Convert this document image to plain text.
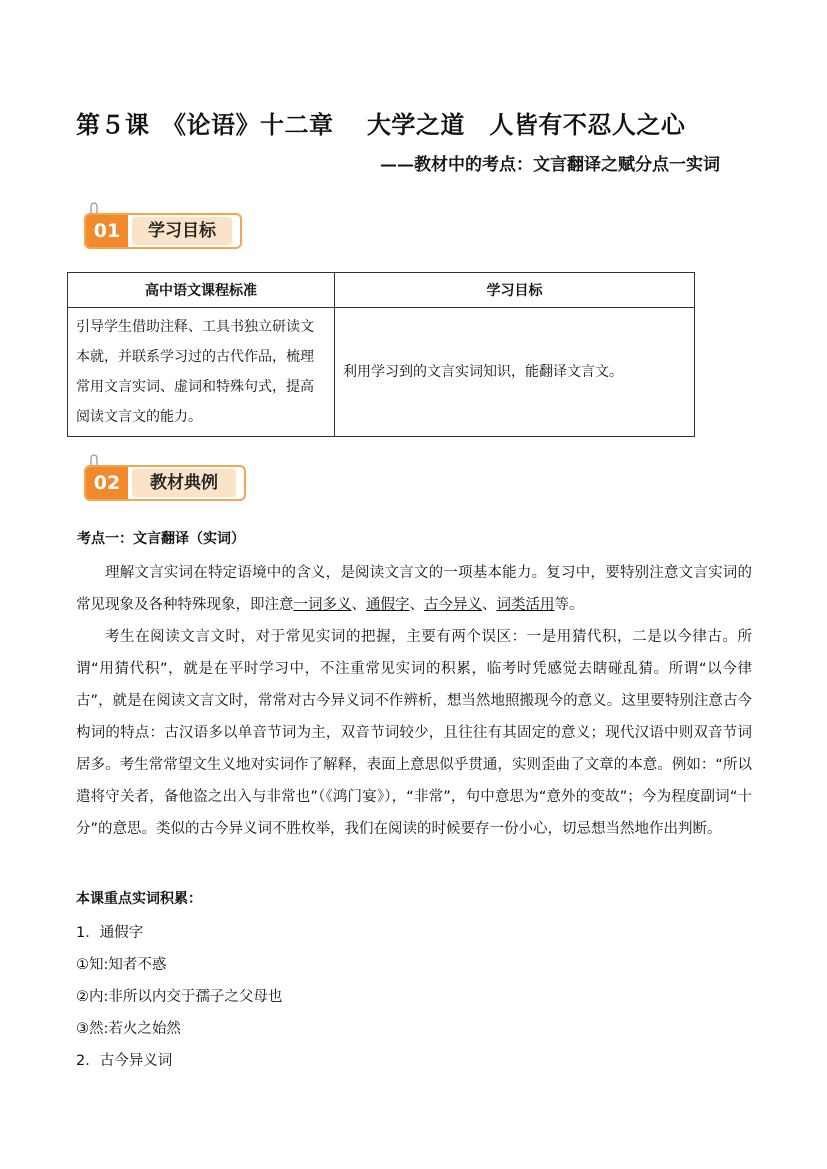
第５课　《论语》十二章　 大学之道　人皆有不忍人之心
——教材中的考点：文言翻译之赋分点一实词
01	学习目标
高中语文课程标准	学习目标
引导学生借助注释、工具书独立研读文本就，并联系学习过的古代作品，梳理常用文言实词、虚词和特殊句式，提高阅读文言文的能力。	利用学习到的文言实词知识，能翻译文言文。
02	教材典例
考点一：文言翻译（实词）
理解文言实词在特定语境中的含义，是阅读文言文的一项基本能力。复习中，要特别注意文言实词的常见现象及各种特殊现象，即注意一词多义、通假字、古今异义、词类活用等。
考生在阅读文言文时，对于常见实词的把握，主要有两个误区：一是用猜代积，二是以今律古。所谓“用猜代积”，就是在平时学习中，不注重常见实词的积累，临考时凭感觉去瞎碰乱猜。所谓“以今律古”，就是在阅读文言文时，常常对古今异义词不作辨析，想当然地照搬现今的意义。这里要特别注意古今构词的特点：古汉语多以单音节词为主，双音节词较少，且往往有其固定的意义；现代汉语中则双音节词居多。考生常常望文生义地对实词作了解释，表面上意思似乎贯通，实则歪曲了文章的本意。例如：“所以遣将守关者，备他盗之出入与非常也”（《鸿门宴》），“非常”，句中意思为“意外的变故”；今为程度副词“十分”的意思。类似的古今异义词不胜枚举，我们在阅读的时候要存一份小心，切忌想当然地作出判断。
本课重点实词积累：
1．通假字
①知:知者不惑
②内:非所以内交于孺子之父母也
③然:若火之始然
2．古今异义词
